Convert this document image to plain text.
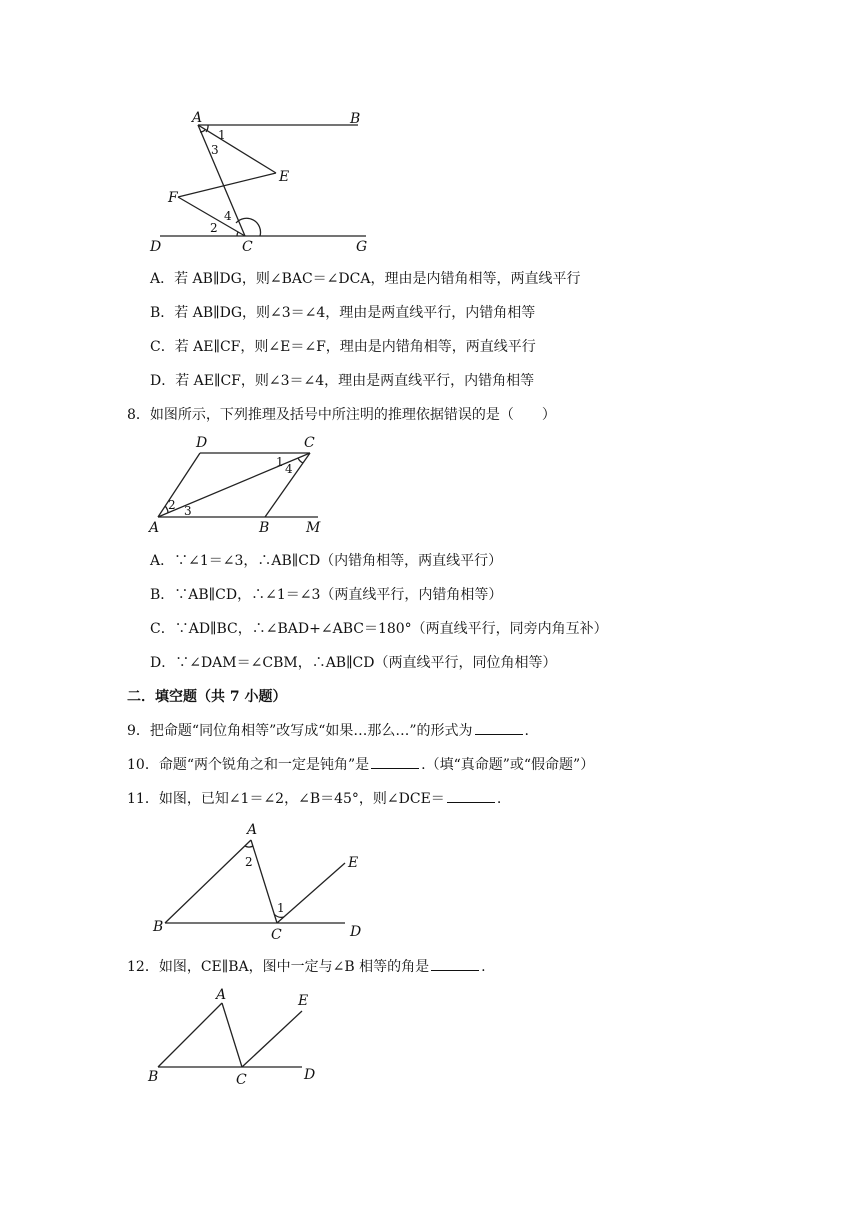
A	B
C
D
E
F
G
1
3
2
4
A．若 AB∥DG，则∠BAC＝∠DCA，理由是内错角相等，两直线平行
B．若 AB∥DG，则∠3＝∠4，理由是两直线平行，内错角相等
C．若 AE∥CF，则∠E＝∠F，理由是内错角相等，两直线平行
D．若 AE∥CF，则∠3＝∠4，理由是两直线平行，内错角相等
8．如图所示，下列推理及括号中所注明的推理依据错误的是（　　）
D	C
A	B	M
1 4
2 3
A．∵∠1＝∠3，∴AB∥CD（内错角相等，两直线平行）
B．∵AB∥CD，∴∠1＝∠3（两直线平行，内错角相等）
C．∵AD∥BC，∴∠BAD+∠ABC＝180°（两直线平行，同旁内角互补）
D．∵∠DAM＝∠CBM，∴AB∥CD（两直线平行，同位角相等）
二．填空题（共 7 小题）
9．把命题“同位角相等”改写成“如果…那么…”的形式为	.
10．命题“两个锐角之和一定是钝角”是	.（填“真命题”或“假命题”）
11．如图，已知∠1＝∠2，∠B＝45°，则∠DCE＝	.
A
B	C	D
E
2
1
12．如图，CE∥BA，图中一定与∠B 相等的角是	.
A
B	C	D
E
